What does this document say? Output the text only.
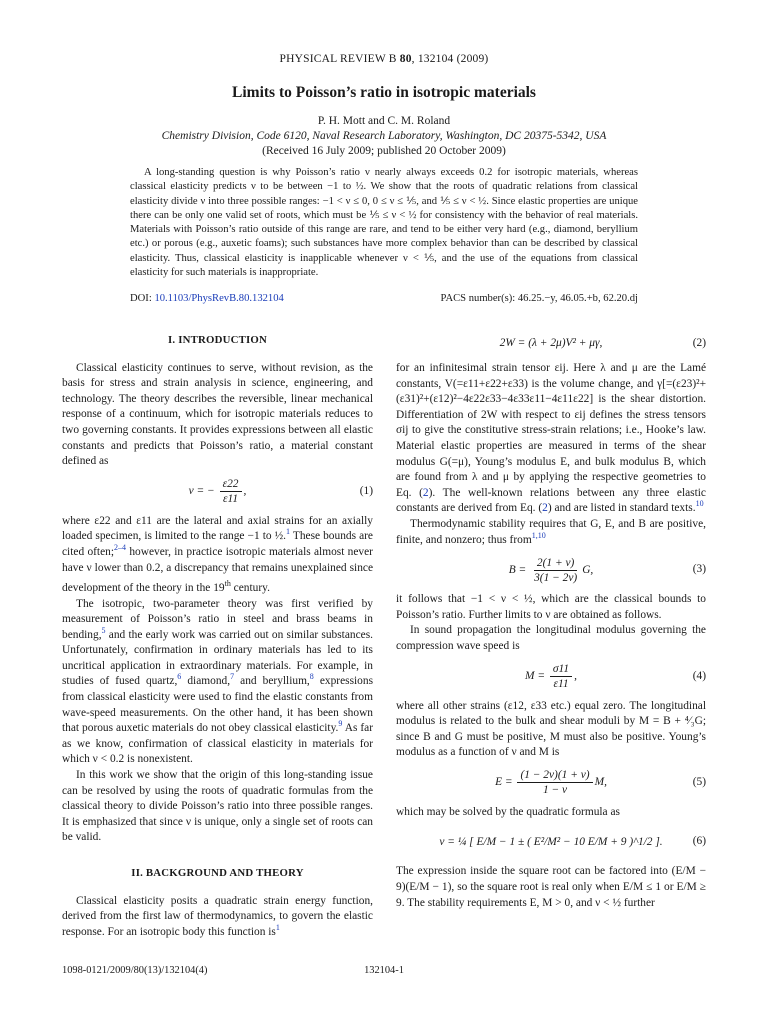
PHYSICAL REVIEW B 80, 132104 (2009)
Limits to Poisson’s ratio in isotropic materials
P. H. Mott and C. M. Roland
Chemistry Division, Code 6120, Naval Research Laboratory, Washington, DC 20375-5342, USA
(Received 16 July 2009; published 20 October 2009)
A long-standing question is why Poisson’s ratio ν nearly always exceeds 0.2 for isotropic materials, whereas classical elasticity predicts ν to be between −1 to ½. We show that the roots of quadratic relations from classical elasticity divide ν into three possible ranges: −1 < ν ≤ 0, 0 ≤ ν ≤ ⅕, and ⅕ ≤ ν < ½. Since elastic properties are unique there can be only one valid set of roots, which must be ⅕ ≤ ν < ½ for consistency with the behavior of real materials. Materials with Poisson’s ratio outside of this range are rare, and tend to be either very hard (e.g., diamond, beryllium etc.) or porous (e.g., auxetic foams); such substances have more complex behavior than can be described by classical elasticity. Thus, classical elasticity is inapplicable whenever ν < ⅕, and the use of the equations from classical elasticity for such materials is inappropriate.
DOI: 10.1103/PhysRevB.80.132104	PACS number(s): 46.25.−y, 46.05.+b, 62.20.dj
I. INTRODUCTION

Classical elasticity continues to serve, without revision, as the basis for stress and strain analysis in science, engineering, and technology. The theory describes the reversible, linear mechanical response of a continuum, which for isotropic materials reduces to two governing constants. It provides expressions between all elastic constants and predicts that Poisson’s ratio, a material constant defined as

ν = − $\frac{\varepsilon 22}{\varepsilon 11}$ ,	(1)

where ε22 and ε11 are the lateral and axial strains for an axially loaded specimen, is limited to the range −1 to ½.$^1$ These bounds are cited often;$^{2-4}$ however, in practice isotropic materials almost never have ν lower than 0.2, a discrepancy that remains unexplained since development of the theory in the 19th century.

The isotropic, two-parameter theory was first verified by measurement of Poisson’s ratio in steel and brass beams in bending,$^5$ and the early work was carried out on similar substances. Unfortunately, confirmation in ordinary materials has led to its uncritical application in extraordinary materials. For example, in studies of fused quartz,$^6$ diamond,$^7$ and beryllium,$^8$ expressions from classical elasticity were used to find the elastic constants from wave-speed measurements. On the other hand, it has been shown that porous auxetic materials do not obey classical elasticity.$^9$ As far as we know, confirmation of classical elasticity in materials for which ν < 0.2 is nonexistent.

In this work we show that the origin of this long-standing issue can be resolved by using the roots of quadratic formulas from the classical theory to divide Poisson’s ratio into three possible ranges. It is emphasized that since ν is unique, only a single set of roots can be valid.

II. BACKGROUND AND THEORY

Classical elasticity posits a quadratic strain energy function, derived from the first law of thermodynamics, to govern the elastic response. For an isotropic body this function is$^1$

2W = (λ + 2μ)V² + μγ,	(2)

for an infinitesimal strain tensor εij. Here λ and μ are the Lamé constants, V(=ε11+ε22+ε33) is the volume change, and γ[=(ε23)²+(ε31)²+(ε12)²−4ε22ε33−4ε33ε11−4ε11ε22] is the shear distortion. Differentiation of 2W with respect to εij defines the stress tensors σij to give the constitutive stress-strain relations; i.e., Hooke’s law. Material elastic properties are measured in terms of the shear modulus G(=μ), Young’s modulus E, and bulk modulus B, which are found from λ and μ by applying the respective geometries to Eq. (2). The well-known relations between any three elastic constants are derived from Eq. (2) and are listed in standard texts.$^{10}$

Thermodynamic stability requires that G, E, and B are positive, finite, and nonzero; thus from$^{1,10}$

$B = \frac{2(1 + \nu)}{3(1 - 2\nu)} G$,	(3)

it follows that −1 < ν < ½, which are the classical bounds to Poisson’s ratio. Further limits to ν are obtained as follows.

In sound propagation the longitudinal modulus governing the compression wave speed is

$M = \frac{\sigma 11}{\varepsilon 11}$ ,	(4)

where all other strains (ε12, ε33 etc.) equal zero. The longitudinal modulus is related to the bulk and shear moduli by M = B + ⁴⁄₃G; since B and G must be positive, M must also be positive. Young’s modulus as a function of ν and M is

$E = \frac{(1 - 2\nu)(1 + \nu)}{1 - \nu} M$,	(5)

which may be solved by the quadratic formula as

ν = ¼ [ E/M − 1 ± ( E²/M² − 10 E/M + 9 )^1/2 ].	(6)

The expression inside the square root can be factored into (E/M − 9)(E/M − 1), so the square root is real only when E/M ≤ 1 or E/M ≥ 9. The stability requirements E, M > 0, and ν < ½ further

1098-0121/2009/80(13)/132104(4)	132104-1
